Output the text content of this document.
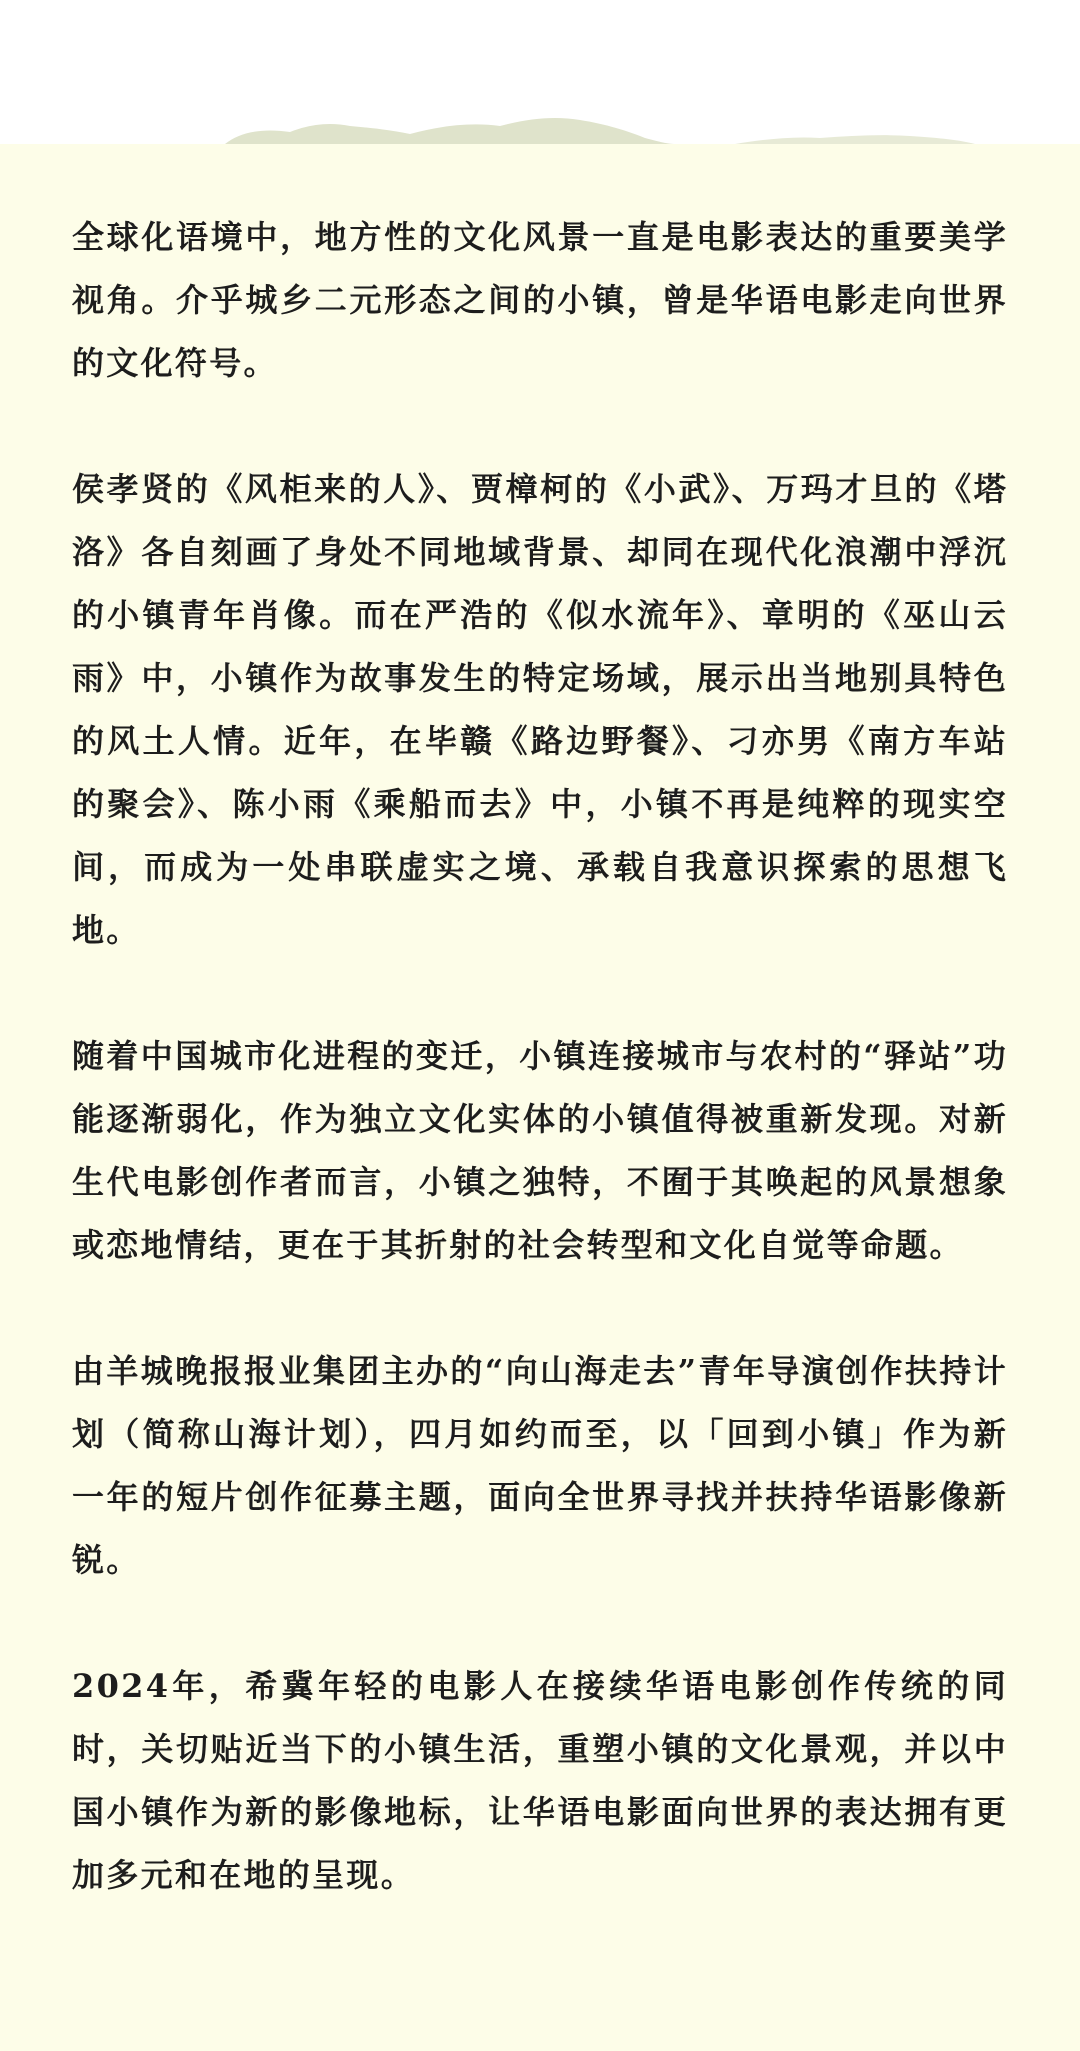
全球化语境中，地方性的文化风景一直是电影表达的重要美学视角。介乎城乡二元形态之间的小镇，曾是华语电影走向世界的文化符号。

侯孝贤的《风柜来的人》、贾樟柯的《小武》、万玛才旦的《塔洛》各自刻画了身处不同地域背景、却同在现代化浪潮中浮沉的小镇青年肖像。而在严浩的《似水流年》、章明的《巫山云雨》中，小镇作为故事发生的特定场域，展示出当地别具特色的风土人情。近年，在毕赣《路边野餐》、刁亦男《南方车站的聚会》、陈小雨《乘船而去》中，小镇不再是纯粹的现实空间，而成为一处串联虚实之境、承载自我意识探索的思想飞地。

随着中国城市化进程的变迁，小镇连接城市与农村的“驿站”功能逐渐弱化，作为独立文化实体的小镇值得被重新发现。对新生代电影创作者而言，小镇之独特，不囿于其唤起的风景想象或恋地情结，更在于其折射的社会转型和文化自觉等命题。

由羊城晚报报业集团主办的“向山海走去”青年导演创作扶持计划（简称山海计划），四月如约而至，以「回到小镇」作为新一年的短片创作征募主题，面向全世界寻找并扶持华语影像新锐。

2024年，希冀年轻的电影人在接续华语电影创作传统的同时，关切贴近当下的小镇生活，重塑小镇的文化景观，并以中国小镇作为新的影像地标，让华语电影面向世界的表达拥有更加多元和在地的呈现。
